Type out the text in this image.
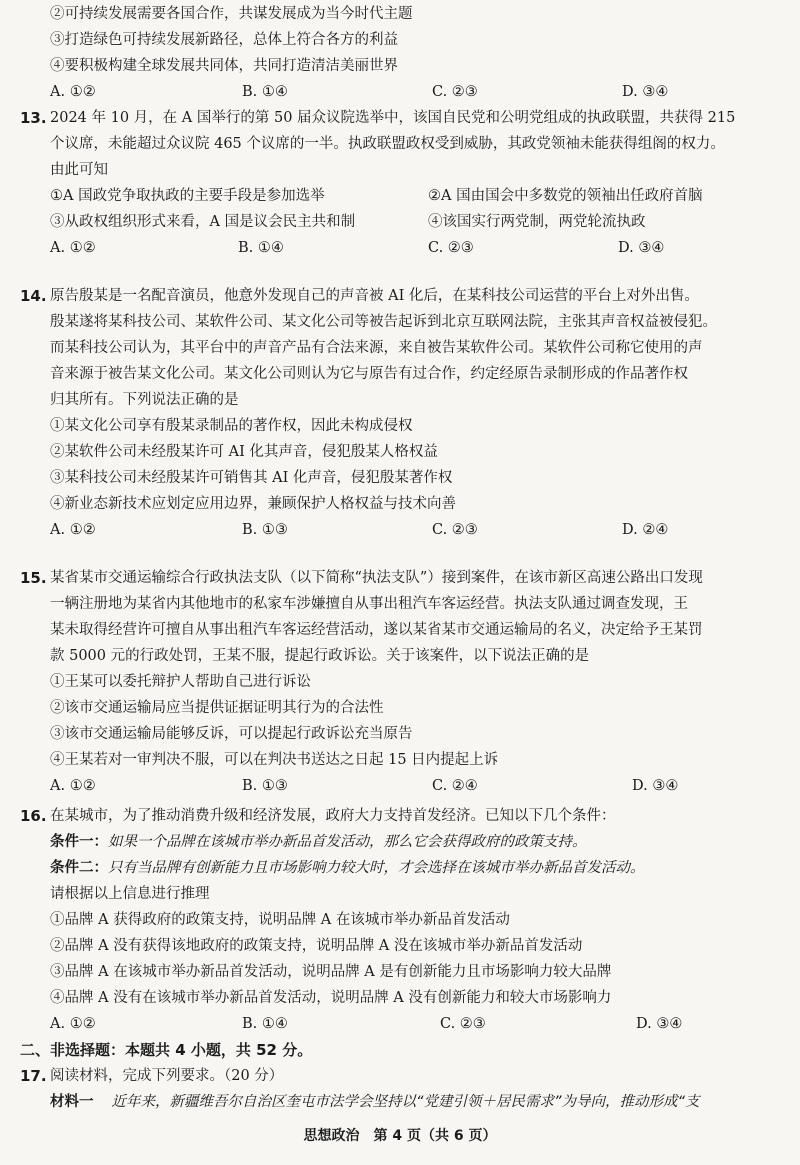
②可持续发展需要各国合作，共谋发展成为当今时代主题
③打造绿色可持续发展新路径，总体上符合各方的利益
④要积极构建全球发展共同体，共同打造清洁美丽世界
A. ①②	B. ①④	C. ②③	D. ③④
13. 2024 年 10 月，在 A 国举行的第 50 届众议院选举中，该国自民党和公明党组成的执政联盟，共获得 215
个议席，未能超过众议院 465 个议席的一半。执政联盟政权受到威胁，其政党领袖未能获得组阁的权力。
由此可知
①A 国政党争取执政的主要手段是参加选举	②A 国由国会中多数党的领袖出任政府首脑
③从政权组织形式来看，A 国是议会民主共和制	④该国实行两党制，两党轮流执政
A. ①②	B. ①④	C. ②③	D. ③④
14. 原告殷某是一名配音演员，他意外发现自己的声音被 AI 化后，在某科技公司运营的平台上对外出售。
殷某遂将某科技公司、某软件公司、某文化公司等被告起诉到北京互联网法院，主张其声音权益被侵犯。
而某科技公司认为，其平台中的声音产品有合法来源，来自被告某软件公司。某软件公司称它使用的声
音来源于被告某文化公司。某文化公司则认为它与原告有过合作，约定经原告录制形成的作品著作权
归其所有。下列说法正确的是
①某文化公司享有殷某录制品的著作权，因此未构成侵权
②某软件公司未经殷某许可 AI 化其声音，侵犯殷某人格权益
③某科技公司未经殷某许可销售其 AI 化声音，侵犯殷某著作权
④新业态新技术应划定应用边界，兼顾保护人格权益与技术向善
A. ①②	B. ①③	C. ②③	D. ②④
15. 某省某市交通运输综合行政执法支队（以下简称“执法支队”）接到案件，在该市新区高速公路出口发现
一辆注册地为某省内其他地市的私家车涉嫌擅自从事出租汽车客运经营。执法支队通过调查发现，王
某未取得经营许可擅自从事出租汽车客运经营活动，遂以某省某市交通运输局的名义，决定给予王某罚
款 5000 元的行政处罚，王某不服，提起行政诉讼。关于该案件，以下说法正确的是
①王某可以委托辩护人帮助自己进行诉讼
②该市交通运输局应当提供证据证明其行为的合法性
③该市交通运输局能够反诉，可以提起行政诉讼充当原告
④王某若对一审判决不服，可以在判决书送达之日起 15 日内提起上诉
A. ①②	B. ①③	C. ②④	D. ③④
16. 在某城市，为了推动消费升级和经济发展，政府大力支持首发经济。已知以下几个条件：
条件一：如果一个品牌在该城市举办新品首发活动，那么它会获得政府的政策支持。
条件二：只有当品牌有创新能力且市场影响力较大时，才会选择在该城市举办新品首发活动。
请根据以上信息进行推理
①品牌 A 获得政府的政策支持，说明品牌 A 在该城市举办新品首发活动
②品牌 A 没有获得该地政府的政策支持，说明品牌 A 没在该城市举办新品首发活动
③品牌 A 在该城市举办新品首发活动，说明品牌 A 是有创新能力且市场影响力较大品牌
④品牌 A 没有在该城市举办新品首发活动，说明品牌 A 没有创新能力和较大市场影响力
A. ①②	B. ①④	C. ②③	D. ③④
二、非选择题：本题共 4 小题，共 52 分。
17. 阅读材料，完成下列要求。（20 分）
材料一 近年来，新疆维吾尔自治区奎屯市法学会坚持以“党建引领＋居民需求”为导向，推动形成“支
思想政治　第 4 页（共 6 页）
